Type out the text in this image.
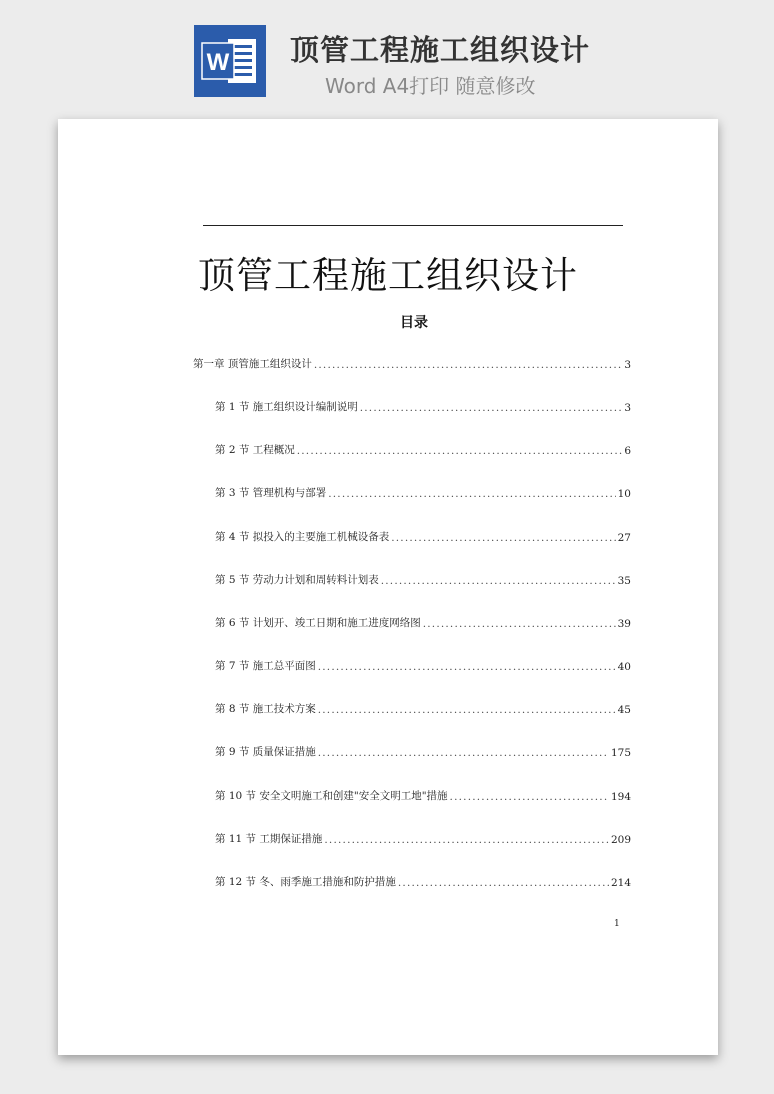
W 顶管工程施工组织设计
Word A4打印 随意修改
顶管工程施工组织设计
目录
第一章 顶管施工组织设计 .....	3
第 1 节 施工组织设计编制说明 .....	3
第 2 节 工程概况 .....	6
第 3 节 管理机构与部署 .....	10
第 4 节 拟投入的主要施工机械设备表 .....	27
第 5 节 劳动力计划和周转料计划表 .....	35
第 6 节 计划开、竣工日期和施工进度网络图 .....	39
第 7 节 施工总平面图 .....	40
第 8 节 施工技术方案 .....	45
第 9 节 质量保证措施 .....	175
第 10 节 安全文明施工和创建"安全文明工地"措施 .....	194
第 11 节 工期保证措施 .....	209
第 12 节 冬、雨季施工措施和防护措施 .....	214
1
